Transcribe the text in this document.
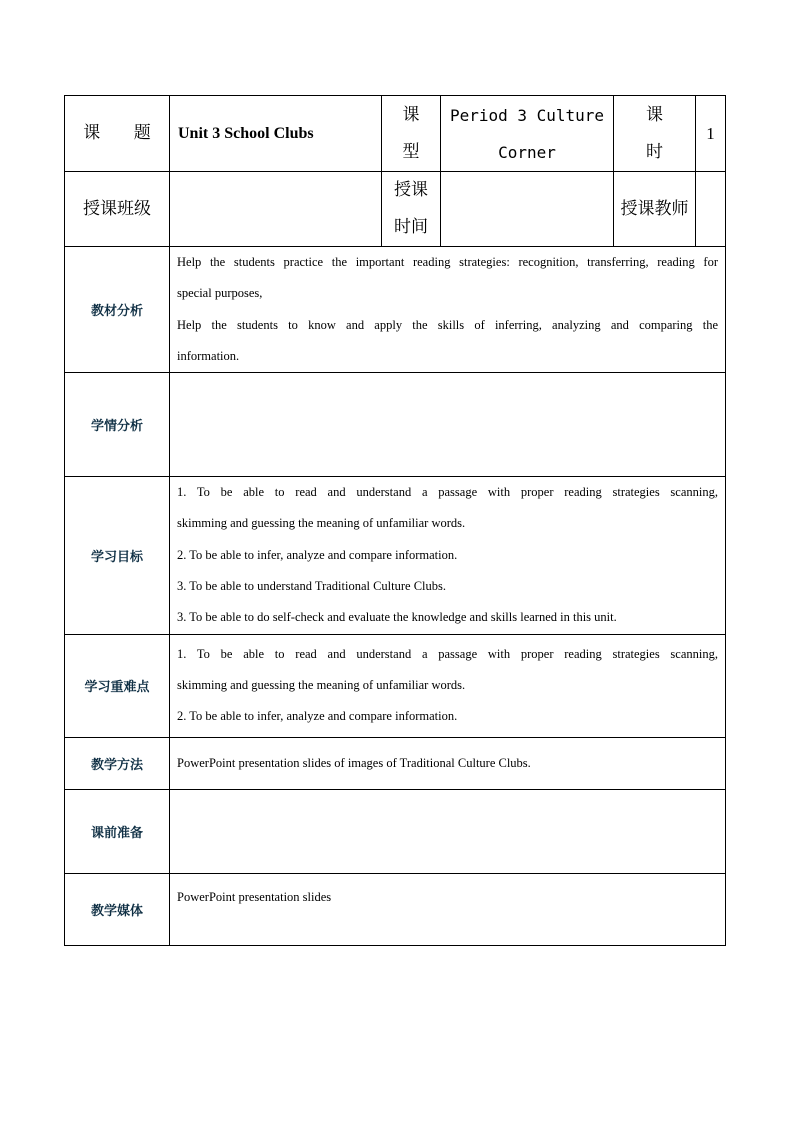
课 题	Unit 3 School Clubs	课型	Period 3 Culture Corner	课 时	1
授课班级		授课时间		授课教师	
教材分析	Help the students practice the important reading strategies: recognition, transferring, reading for
special purposes,
Help the students to know and apply the skills of inferring, analyzing and comparing the
information.				

学情分析					
学习目标	1. To be able to read and understand a passage with proper reading strategies scanning,
skimming and guessing the meaning of unfamiliar words.
2. To be able to infer, analyze and compare information.
3. To be able to understand Traditional Culture Clubs.
3. To be able to do self-check and evaluate the knowledge and skills learned in this unit.				

学习重难点	1. To be able to read and understand a passage with proper reading strategies scanning,
skimming and guessing the meaning of unfamiliar words.
2. To be able to infer, analyze and compare information.				

教学方法	PowerPoint presentation slides of images of Traditional Culture Clubs.				

课前准备					
教学媒体	PowerPoint presentation slides				
